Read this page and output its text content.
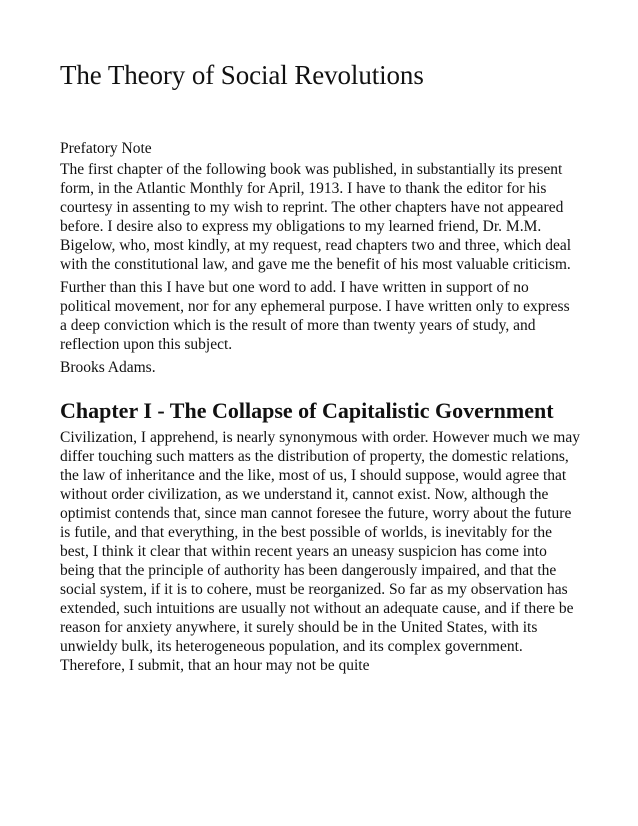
The Theory of Social Revolutions

Prefatory Note

The first chapter of the following book was published, in substantially its present form, in the Atlantic Monthly for April, 1913. I have to thank the editor for his courtesy in assenting to my wish to reprint. The other chapters have not appeared before. I desire also to express my obligations to my learned friend, Dr. M.M. Bigelow, who, most kindly, at my request, read chapters two and three, which deal with the constitutional law, and gave me the benefit of his most valuable criticism.

Further than this I have but one word to add. I have written in support of no political movement, nor for any ephemeral purpose. I have written only to express a deep conviction which is the result of more than twenty years of study, and reflection upon this subject.

Brooks Adams.

Chapter I - The Collapse of Capitalistic Government

Civilization, I apprehend, is nearly synonymous with order. However much we may differ touching such matters as the distribution of property, the domestic relations, the law of inheritance and the like, most of us, I should suppose, would agree that without order civilization, as we understand it, cannot exist. Now, although the optimist contends that, since man cannot foresee the future, worry about the future is futile, and that everything, in the best possible of worlds, is inevitably for the best, I think it clear that within recent years an uneasy suspicion has come into being that the principle of authority has been dangerously impaired, and that the social system, if it is to cohere, must be reorganized. So far as my observation has extended, such intuitions are usually not without an adequate cause, and if there be reason for anxiety anywhere, it surely should be in the United States, with its unwieldy bulk, its heterogeneous population, and its complex government. Therefore, I submit, that an hour may not be quite
